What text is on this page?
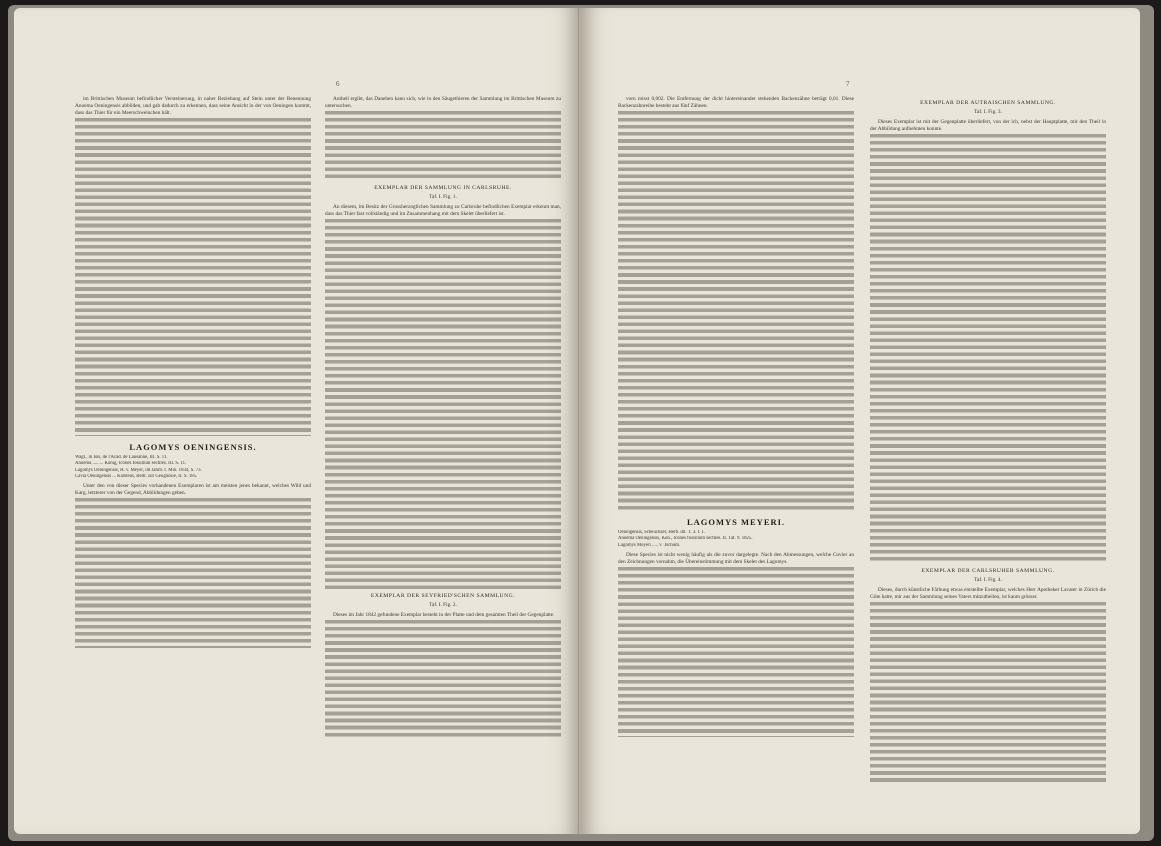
6

im Brittischen Museum befindlicher Versteinerung, in naher Beziehung auf Stein unter der Benennung Anoema Oeningensis abbilden, und gab dadurch zu erkennen, dass seine Ansicht in der von Oeningen kommt, dass das Thier für ein Meerschweinchen hält.

LAGOMYS OENINGENSIS.
Wagl., in Isis, de l'Acad. de Lausanne, III. S. 11.
Anoema ......... König, Icones fossilium sectiles. III. S. 11.
Lagomys Oeningensis, H. v. Meyer, im Jahrb. f. Min. 1834, S. 73.
Cavia Oeningensis ... Karstens, Beitr. zur Geognosie, II. S. 185.

Unter den von dieser Species vorhandenen Exemplaren ist am meisten jenes bekannt, welches Wild und Karg, letzterer von der Gegend, Abbildungen geben.

Antheil ergibt, das Daneben kann sich, wie in den Säugethieren der Sammlung im Brittischen Museum zu untersuchen.

EXEMPLAR DER SAMMLUNG IN CARLSRUHE.
Taf. I. Fig. 1.

An diesem, im Besitz der Grossherzoglichen Sammlung zu Carlsruhe befindlichen Exemplar erkennt man, dass das Thier fast vollständig und im Zusammenhang mit dem Skelet überliefert ist.

EXEMPLAR DER SEYFRIED'SCHEN SAMMLUNG.
Taf. I. Fig. 2.

Dieses im Jahr 1842 gefundene Exemplar besteht in der Platte und dem gesamten Theil der Gegenplatte.

7

vorn misst 0,002. Die Entfernung der dicht hintereinander stehenden Backenzähne beträgt 0,01. Diese Backenzahnreihe besteht aus fünf Zähnen.

LAGOMYS MEYERI.
Oeningensis, Scheuchzer, Herb. dil. T. 3. f. 1.
Anoema Oeningensis, Kön., Icones fossilium sectiles. II. Taf. 9. 1825.
Lagomys Meyeri ..... v. Tschudi.

Diese Species ist nicht wenig häufig als die zuvor dargelegte. Nach den Abmessungen, welche Cuvier an den Zeichnungen vornahm, die Übereinstimmung mit dem Skelet des Lagomys.

EXEMPLAR DER AUTRAISCHEN SAMMLUNG.
Taf. I. Fig. 3.

Dieses Exemplar ist mit der Gegenplatte überliefert, von der ich, nebst der Hauptplatte, mir den Theil in der Abbildung aufnehmen konnte.

EXEMPLAR DER CARLSRUHER SAMMLUNG.
Taf. I. Fig. 4.

Dieses, durch künstliche Färbung etwas entstellte Exemplar, welches Herr Apotheker Lavater in Zürich die Güte hatte, mir aus der Sammlung seines Vaters mitzutheilen, ist kaum grösser.
